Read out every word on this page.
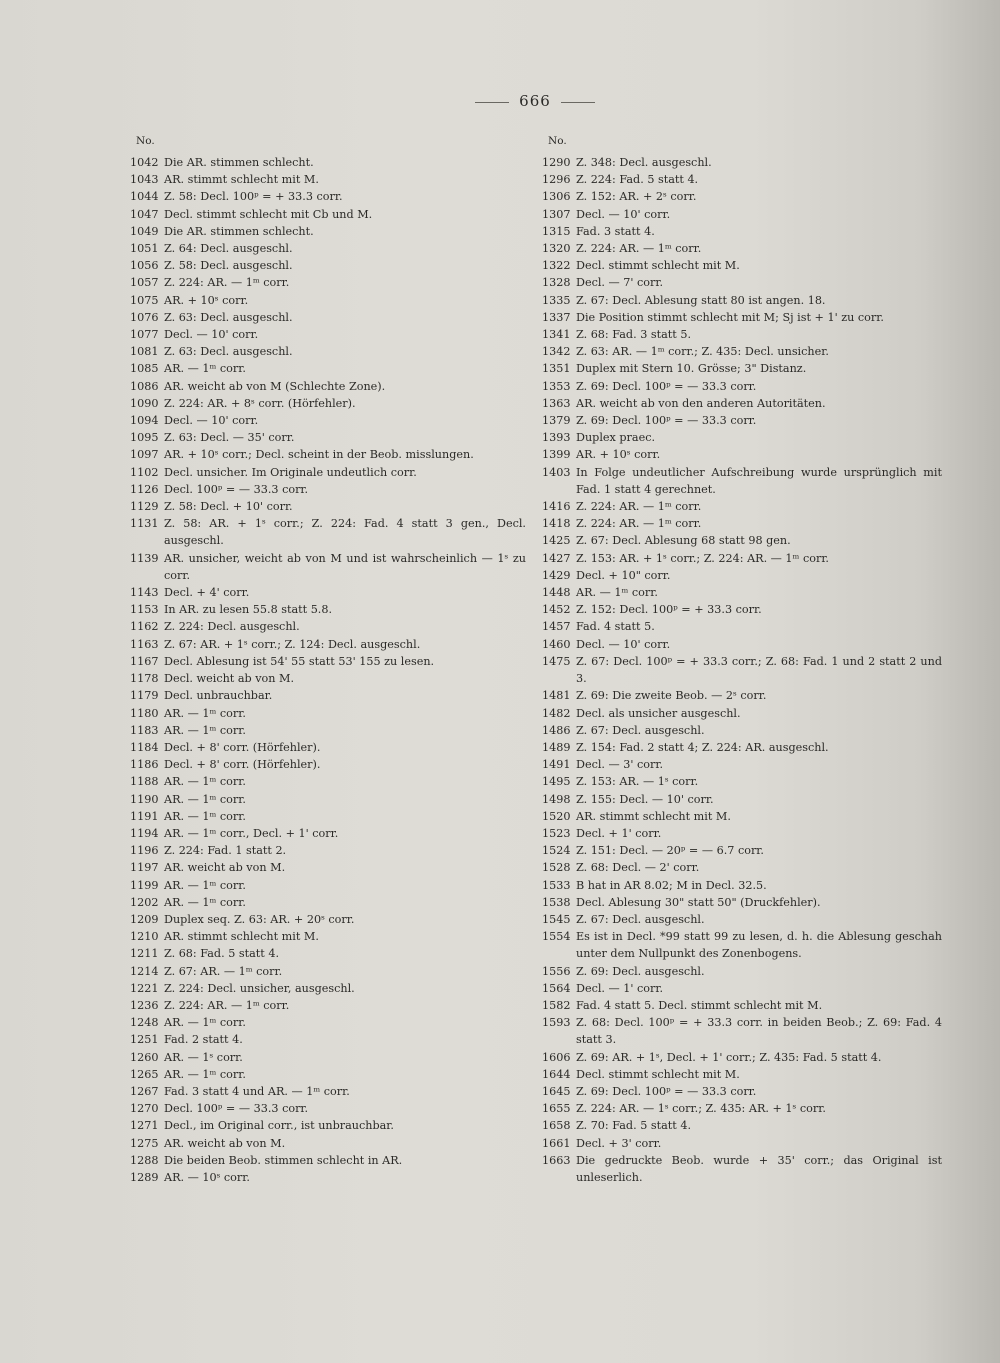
666
No.
1042 Die AR. stimmen schlecht.
1043 AR. stimmt schlecht mit M.
1044 Z. 58: Decl. 100ᵖ = + 33.3 corr.
1047 Decl. stimmt schlecht mit Cb und M.
1049 Die AR. stimmen schlecht.
1051 Z. 64: Decl. ausgeschl.
1056 Z. 58: Decl. ausgeschl.
1057 Z. 224: AR. — 1ᵐ corr.
1075 AR. + 10ˢ corr.
1076 Z. 63: Decl. ausgeschl.
1077 Decl. — 10' corr.
1081 Z. 63: Decl. ausgeschl.
1085 AR. — 1ᵐ corr.
1086 AR. weicht ab von M (Schlechte Zone).
1090 Z. 224: AR. + 8ˢ corr. (Hörfehler).
1094 Decl. — 10' corr.
1095 Z. 63: Decl. — 35' corr.
1097 AR. + 10ˢ corr.; Decl. scheint in der Beob. misslungen.
1102 Decl. unsicher. Im Originale undeutlich corr.
1126 Decl. 100ᵖ = — 33.3 corr.
1129 Z. 58: Decl. + 10' corr.
1131 Z. 58: AR. + 1ˢ corr.; Z. 224: Fad. 4 statt 3 gen., Decl. ausgeschl.
1139 AR. unsicher, weicht ab von M und ist wahrscheinlich — 1ˢ zu corr.
1143 Decl. + 4' corr.
1153 In AR. zu lesen 55.8 statt 5.8.
1162 Z. 224: Decl. ausgeschl.
1163 Z. 67: AR. + 1ˢ corr.; Z. 124: Decl. ausgeschl.
1167 Decl. Ablesung ist 54' 55 statt 53' 155 zu lesen.
1178 Decl. weicht ab von M.
1179 Decl. unbrauchbar.
1180 AR. — 1ᵐ corr.
1183 AR. — 1ᵐ corr.
1184 Decl. + 8' corr. (Hörfehler).
1186 Decl. + 8' corr. (Hörfehler).
1188 AR. — 1ᵐ corr.
1190 AR. — 1ᵐ corr.
1191 AR. — 1ᵐ corr.
1194 AR. — 1ᵐ corr., Decl. + 1' corr.
1196 Z. 224: Fad. 1 statt 2.
1197 AR. weicht ab von M.
1199 AR. — 1ᵐ corr.
1202 AR. — 1ᵐ corr.
1209 Duplex seq. Z. 63: AR. + 20ˢ corr.
1210 AR. stimmt schlecht mit M.
1211 Z. 68: Fad. 5 statt 4.
1214 Z. 67: AR. — 1ᵐ corr.
1221 Z. 224: Decl. unsicher, ausgeschl.
1236 Z. 224: AR. — 1ᵐ corr.
1248 AR. — 1ᵐ corr.
1251 Fad. 2 statt 4.
1260 AR. — 1ˢ corr.
1265 AR. — 1ᵐ corr.
1267 Fad. 3 statt 4 und AR. — 1ᵐ corr.
1270 Decl. 100ᵖ = — 33.3 corr.
1271 Decl., im Original corr., ist unbrauchbar.
1275 AR. weicht ab von M.
1288 Die beiden Beob. stimmen schlecht in AR.
1289 AR. — 10ˢ corr.
No.
1290 Z. 348: Decl. ausgeschl.
1296 Z. 224: Fad. 5 statt 4.
1306 Z. 152: AR. + 2ˢ corr.
1307 Decl. — 10' corr.
1315 Fad. 3 statt 4.
1320 Z. 224: AR. — 1ᵐ corr.
1322 Decl. stimmt schlecht mit M.
1328 Decl. — 7' corr.
1335 Z. 67: Decl. Ablesung statt 80 ist angen. 18.
1337 Die Position stimmt schlecht mit M; Sj ist + 1' zu corr.
1341 Z. 68: Fad. 3 statt 5.
1342 Z. 63: AR. — 1ᵐ corr.; Z. 435: Decl. unsicher.
1351 Duplex mit Stern 10. Grösse; 3" Distanz.
1353 Z. 69: Decl. 100ᵖ = — 33.3 corr.
1363 AR. weicht ab von den anderen Autoritäten.
1379 Z. 69: Decl. 100ᵖ = — 33.3 corr.
1393 Duplex praec.
1399 AR. + 10ˢ corr.
1403 In Folge undeutlicher Aufschreibung wurde ursprünglich mit Fad. 1 statt 4 gerechnet.
1416 Z. 224: AR. — 1ᵐ corr.
1418 Z. 224: AR. — 1ᵐ corr.
1425 Z. 67: Decl. Ablesung 68 statt 98 gen.
1427 Z. 153: AR. + 1ˢ corr.; Z. 224: AR. — 1ᵐ corr.
1429 Decl. + 10" corr.
1448 AR. — 1ᵐ corr.
1452 Z. 152: Decl. 100ᵖ = + 33.3 corr.
1457 Fad. 4 statt 5.
1460 Decl. — 10' corr.
1475 Z. 67: Decl. 100ᵖ = + 33.3 corr.; Z. 68: Fad. 1 und 2 statt 2 und 3.
1481 Z. 69: Die zweite Beob. — 2ˢ corr.
1482 Decl. als unsicher ausgeschl.
1486 Z. 67: Decl. ausgeschl.
1489 Z. 154: Fad. 2 statt 4; Z. 224: AR. ausgeschl.
1491 Decl. — 3' corr.
1495 Z. 153: AR. — 1ˢ corr.
1498 Z. 155: Decl. — 10' corr.
1520 AR. stimmt schlecht mit M.
1523 Decl. + 1' corr.
1524 Z. 151: Decl. — 20ᵖ = — 6.7 corr.
1528 Z. 68: Decl. — 2' corr.
1533 B hat in AR 8.02; M in Decl. 32.5.
1538 Decl. Ablesung 30" statt 50" (Druckfehler).
1545 Z. 67: Decl. ausgeschl.
1554 Es ist in Decl. *99 statt 99 zu lesen, d. h. die Ablesung geschah unter dem Nullpunkt des Zonenbogens.
1556 Z. 69: Decl. ausgeschl.
1564 Decl. — 1' corr.
1582 Fad. 4 statt 5. Decl. stimmt schlecht mit M.
1593 Z. 68: Decl. 100ᵖ = + 33.3 corr. in beiden Beob.; Z. 69: Fad. 4 statt 3.
1606 Z. 69: AR. + 1ˢ, Decl. + 1' corr.; Z. 435: Fad. 5 statt 4.
1644 Decl. stimmt schlecht mit M.
1645 Z. 69: Decl. 100ᵖ = — 33.3 corr.
1655 Z. 224: AR. — 1ˢ corr.; Z. 435: AR. + 1ˢ corr.
1658 Z. 70: Fad. 5 statt 4.
1661 Decl. + 3' corr.
1663 Die gedruckte Beob. wurde + 35' corr.; das Original ist unleserlich.
